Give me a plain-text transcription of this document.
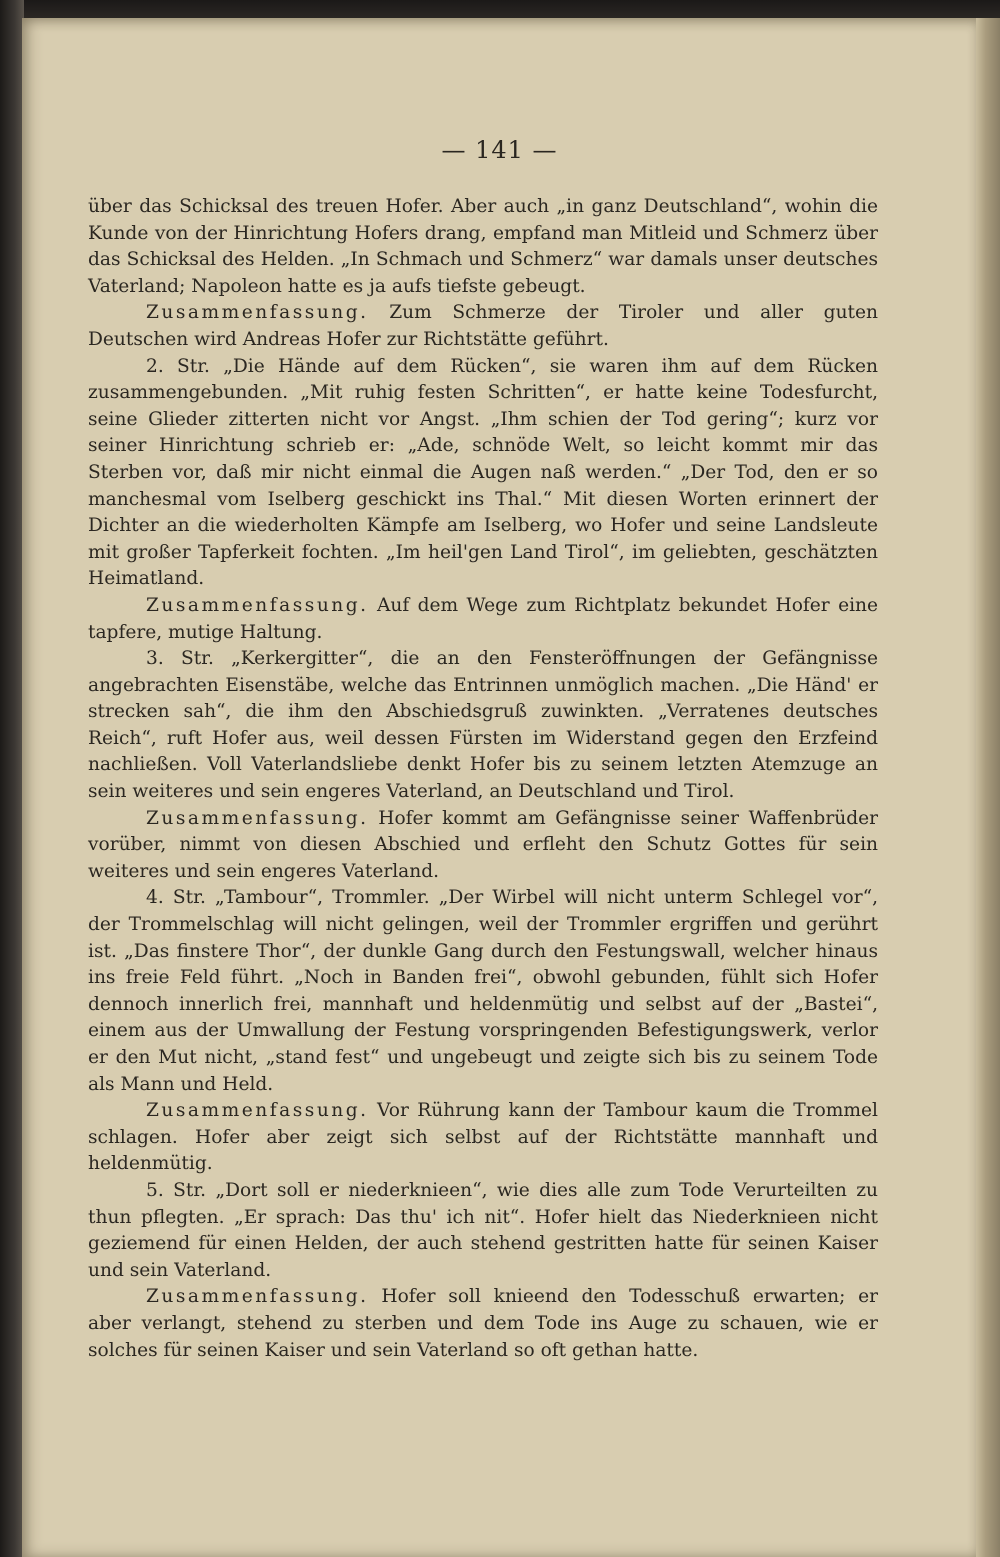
— 141 —

über das Schicksal des treuen Hofer. Aber auch „in ganz Deutschland“, wohin die Kunde von der Hinrichtung Hofers drang, empfand man Mitleid und Schmerz über das Schicksal des Helden. „In Schmach und Schmerz“ war damals unser deutsches Vaterland; Napoleon hatte es ja aufs tiefste gebeugt.

Zusammenfassung. Zum Schmerze der Tiroler und aller guten Deutschen wird Andreas Hofer zur Richtstätte geführt.

2. Str. „Die Hände auf dem Rücken“, sie waren ihm auf dem Rücken zusammengebunden. „Mit ruhig festen Schritten“, er hatte keine Todesfurcht, seine Glieder zitterten nicht vor Angst. „Ihm schien der Tod gering“; kurz vor seiner Hinrichtung schrieb er: „Ade, schnöde Welt, so leicht kommt mir das Sterben vor, daß mir nicht einmal die Augen naß werden.“ „Der Tod, den er so manchesmal vom Iselberg geschickt ins Thal.“ Mit diesen Worten erinnert der Dichter an die wiederholten Kämpfe am Iselberg, wo Hofer und seine Landsleute mit großer Tapferkeit fochten. „Im heil'gen Land Tirol“, im geliebten, geschätzten Heimatland.

Zusammenfassung. Auf dem Wege zum Richtplatz bekundet Hofer eine tapfere, mutige Haltung.

3. Str. „Kerkergitter“, die an den Fensteröffnungen der Gefängnisse angebrachten Eisenstäbe, welche das Entrinnen unmöglich machen. „Die Händ' er strecken sah“, die ihm den Abschiedsgruß zuwinkten. „Verratenes deutsches Reich“, ruft Hofer aus, weil dessen Fürsten im Widerstand gegen den Erzfeind nachließen. Voll Vaterlandsliebe denkt Hofer bis zu seinem letzten Atemzuge an sein weiteres und sein engeres Vaterland, an Deutschland und Tirol.

Zusammenfassung. Hofer kommt am Gefängnisse seiner Waffenbrüder vorüber, nimmt von diesen Abschied und erfleht den Schutz Gottes für sein weiteres und sein engeres Vaterland.

4. Str. „Tambour“, Trommler. „Der Wirbel will nicht unterm Schlegel vor“, der Trommelschlag will nicht gelingen, weil der Trommler ergriffen und gerührt ist. „Das finstere Thor“, der dunkle Gang durch den Festungswall, welcher hinaus ins freie Feld führt. „Noch in Banden frei“, obwohl gebunden, fühlt sich Hofer dennoch innerlich frei, mannhaft und heldenmütig und selbst auf der „Bastei“, einem aus der Umwallung der Festung vorspringenden Befestigungswerk, verlor er den Mut nicht, „stand fest“ und ungebeugt und zeigte sich bis zu seinem Tode als Mann und Held.

Zusammenfassung. Vor Rührung kann der Tambour kaum die Trommel schlagen. Hofer aber zeigt sich selbst auf der Richtstätte mannhaft und heldenmütig.

5. Str. „Dort soll er niederknieen“, wie dies alle zum Tode Verurteilten zu thun pflegten. „Er sprach: Das thu' ich nit“. Hofer hielt das Niederknieen nicht geziemend für einen Helden, der auch stehend gestritten hatte für seinen Kaiser und sein Vaterland.

Zusammenfassung. Hofer soll knieend den Todesschuß erwarten; er aber verlangt, stehend zu sterben und dem Tode ins Auge zu schauen, wie er solches für seinen Kaiser und sein Vaterland so oft gethan hatte.
